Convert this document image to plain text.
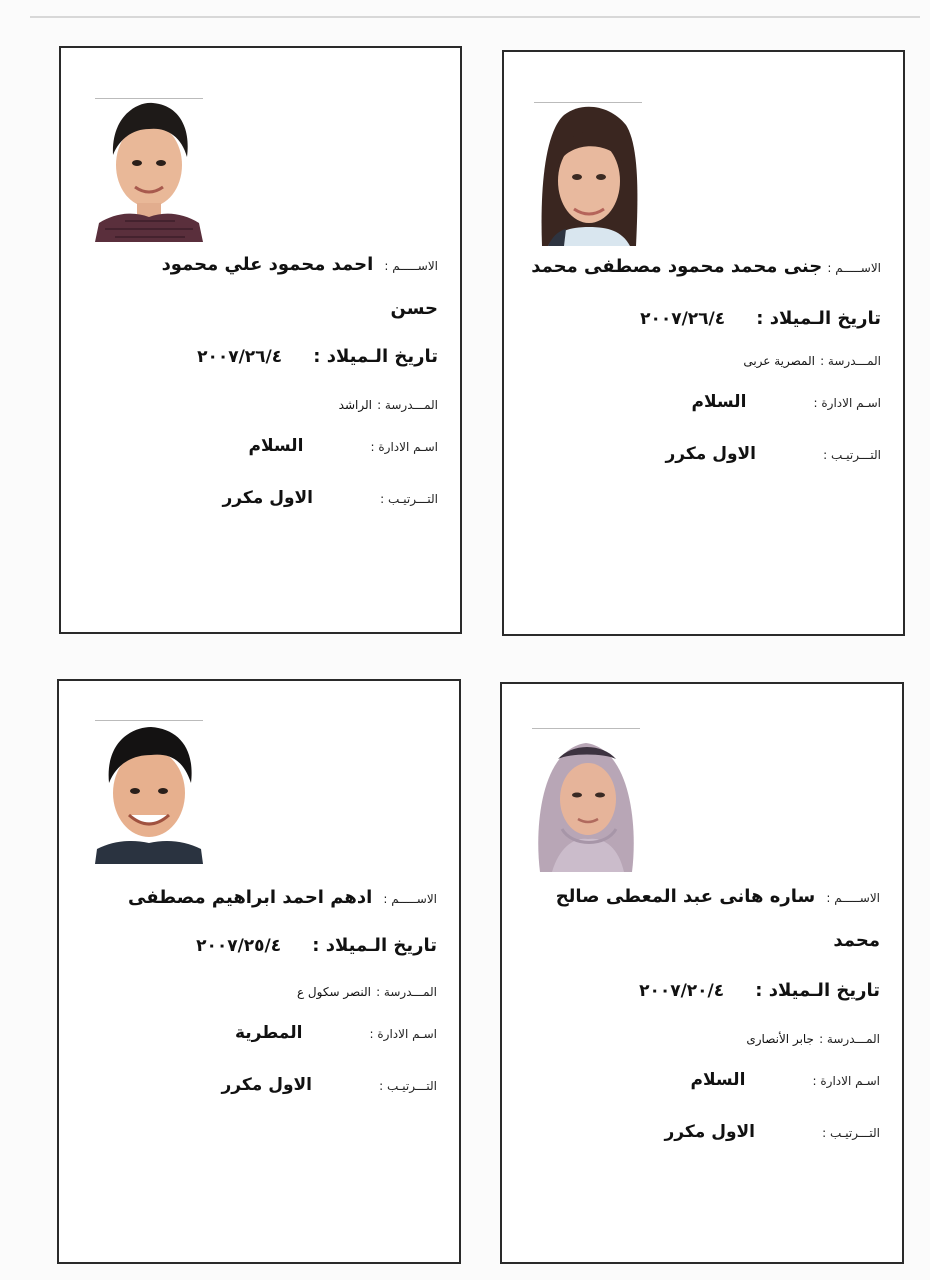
الاســـــم : جنى محمد محمود مصطفى محمد
تاريخ الـميلاد : ٢٠٠٧/٢٦/٤
المـــدرسة : المصرية عربى
اسـم الادارة : السلام
التـــرتيـب : الاول مكرر
الاســـــم : احمد محمود علي محمود
حسن
تاريخ الـميلاد : ٢٠٠٧/٢٦/٤
المـــدرسة : الراشد
اسـم الادارة : السلام
التـــرتيـب : الاول مكرر
الاســـــم : ساره هانى عبد المعطى صالح
محمد
تاريخ الـميلاد : ٢٠٠٧/٢٠/٤
المـــدرسة : جابر الأنصارى
اسـم الادارة : السلام
التـــرتيـب : الاول مكرر
الاســـــم : ادهم احمد ابراهيم مصطفى
تاريخ الـميلاد : ٢٠٠٧/٢٥/٤
المـــدرسة : النصر سكول ع
اسـم الادارة : المطرية
التـــرتيـب : الاول مكرر
